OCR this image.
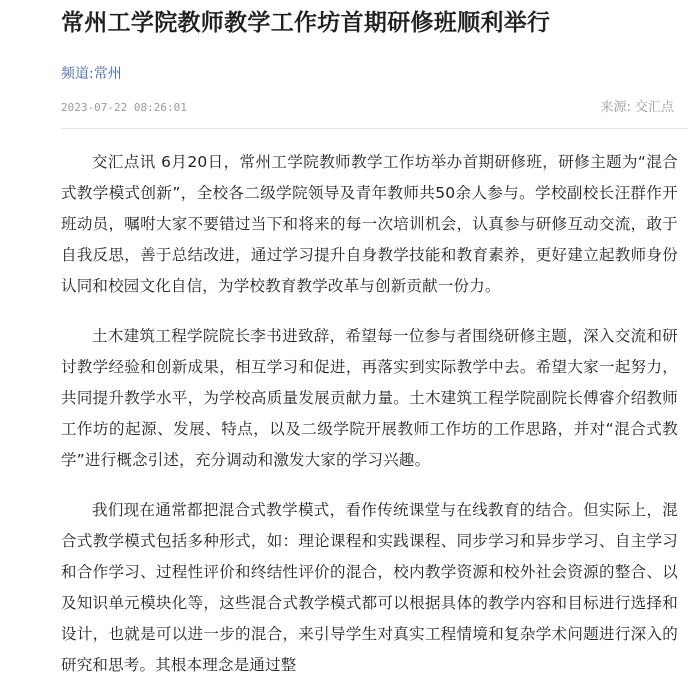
常州工学院教师教学工作坊首期研修班顺利举行
频道:常州
2023-07-22 08:26:01	来源: 交汇点

交汇点讯 6月20日，常州工学院教师教学工作坊举办首期研修班，研修主题为“混合式教学模式创新”，全校各二级学院领导及青年教师共50余人参与。学校副校长汪群作开班动员，嘱咐大家不要错过当下和将来的每一次培训机会，认真参与研修互动交流，敢于自我反思，善于总结改进，通过学习提升自身教学技能和教育素养，更好建立起教师身份认同和校园文化自信，为学校教育教学改革与创新贡献一份力。

土木建筑工程学院院长李书进致辞，希望每一位参与者围绕研修主题，深入交流和研讨教学经验和创新成果，相互学习和促进，再落实到实际教学中去。希望大家一起努力，共同提升教学水平，为学校高质量发展贡献力量。土木建筑工程学院副院长傅睿介绍教师工作坊的起源、发展、特点，以及二级学院开展教师工作坊的工作思路，并对“混合式教学”进行概念引述，充分调动和激发大家的学习兴趣。

我们现在通常都把混合式教学模式，看作传统课堂与在线教育的结合。但实际上，混合式教学模式包括多种形式，如：理论课程和实践课程、同步学习和异步学习、自主学习和合作学习、过程性评价和终结性评价的混合，校内教学资源和校外社会资源的整合、以及知识单元模块化等，这些混合式教学模式都可以根据具体的教学内容和目标进行选择和设计，也就是可以进一步的混合，来引导学生对真实工程情境和复杂学术问题进行深入的研究和思考。其根本理念是通过整
